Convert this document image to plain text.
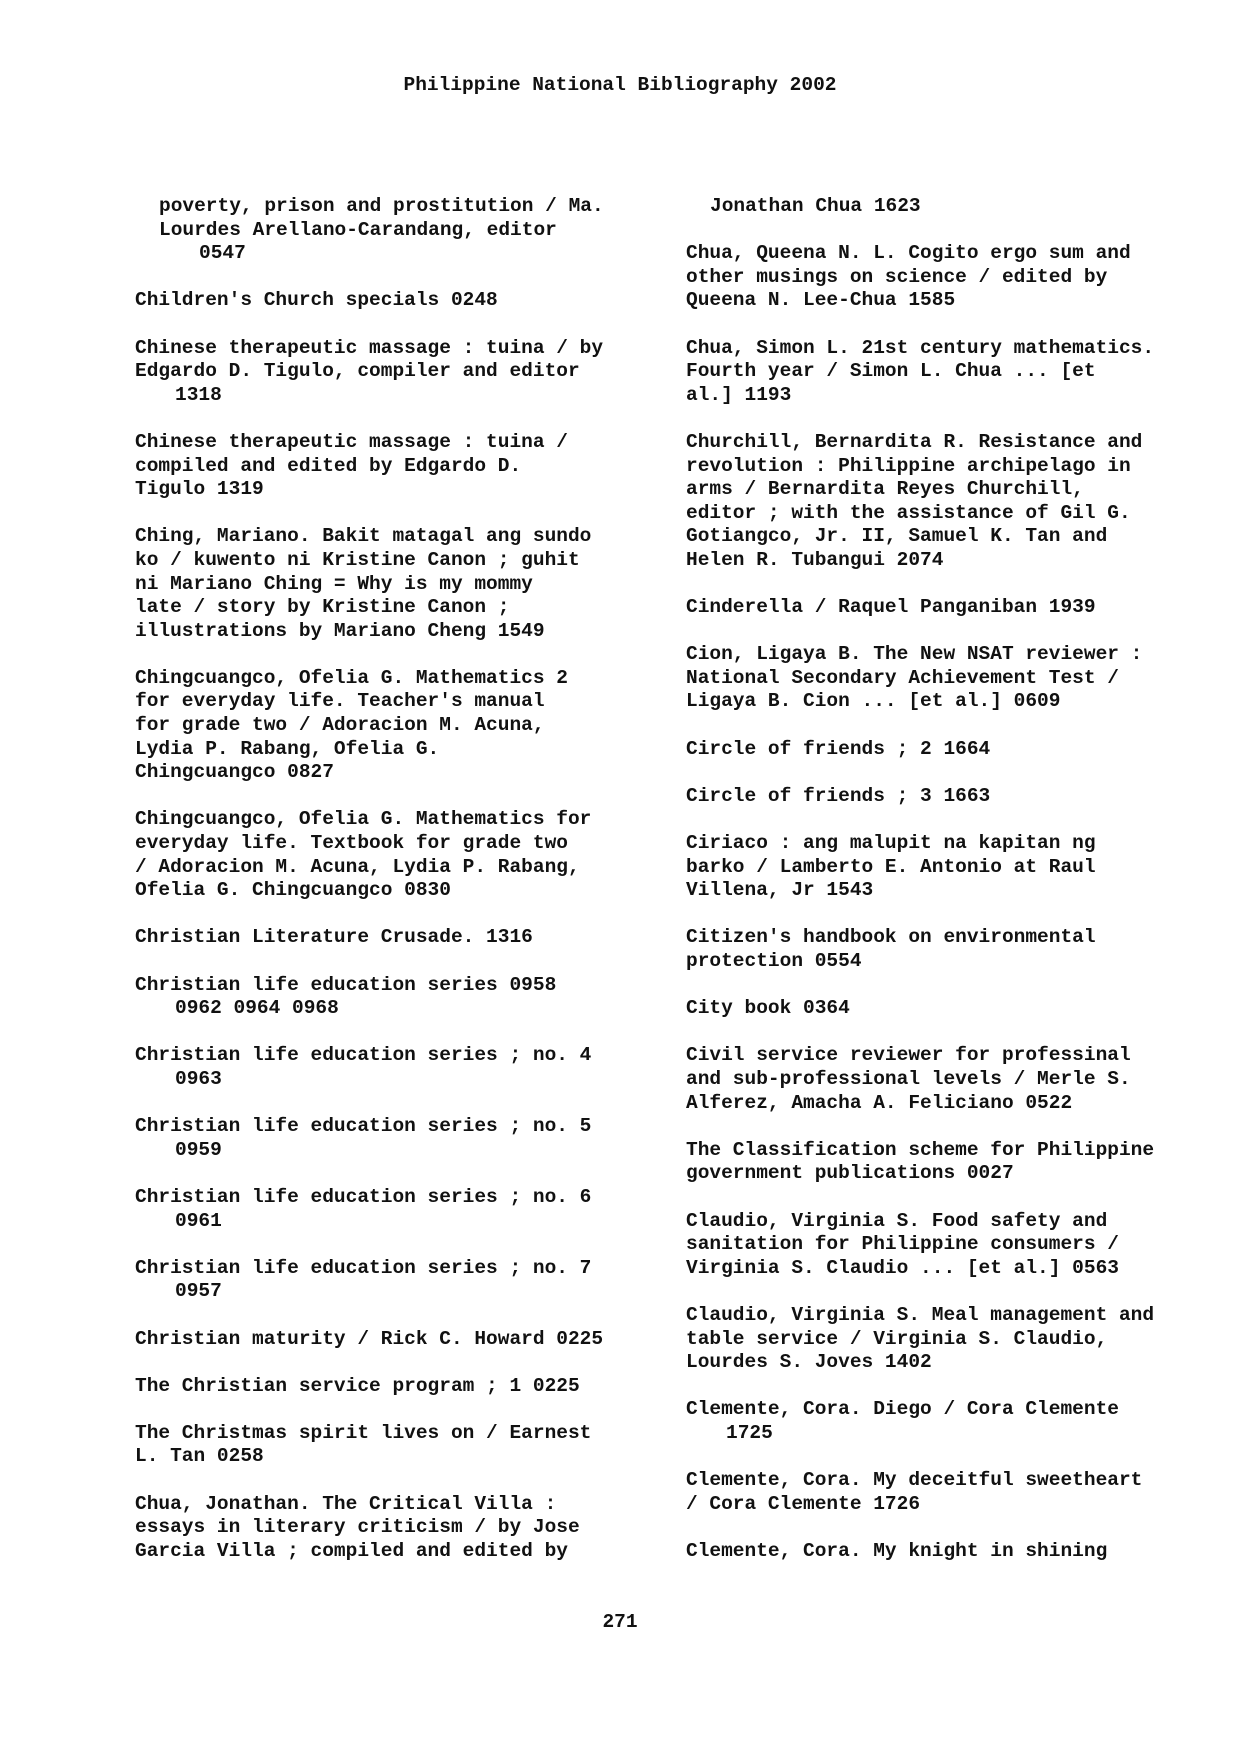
Philippine National Bibliography 2002
poverty, prison and prostitution / Ma.
Lourdes Arellano-Carandang, editor
0547
Children's Church specials 0248
Chinese therapeutic massage : tuina / by
Edgardo D. Tigulo, compiler and editor
1318
Chinese therapeutic massage : tuina /
compiled and edited by Edgardo D.
Tigulo 1319
Ching, Mariano. Bakit matagal ang sundo
ko / kuwento ni Kristine Canon ; guhit
ni Mariano Ching = Why is my mommy
late / story by Kristine Canon ;
illustrations by Mariano Cheng 1549
Chingcuangco, Ofelia G. Mathematics 2
for everyday life. Teacher's manual
for grade two / Adoracion M. Acuna,
Lydia P. Rabang, Ofelia G.
Chingcuangco 0827
Chingcuangco, Ofelia G. Mathematics for
everyday life. Textbook for grade two
/ Adoracion M. Acuna, Lydia P. Rabang,
Ofelia G. Chingcuangco 0830
Christian Literature Crusade. 1316
Christian life education series 0958
0962 0964 0968
Christian life education series ; no. 4
0963
Christian life education series ; no. 5
0959
Christian life education series ; no. 6
0961
Christian life education series ; no. 7
0957
Christian maturity / Rick C. Howard 0225
The Christian service program ; 1 0225
The Christmas spirit lives on / Earnest
L. Tan 0258
Chua, Jonathan. The Critical Villa :
essays in literary criticism / by Jose
Garcia Villa ; compiled and edited by
Jonathan Chua 1623
Chua, Queena N. L. Cogito ergo sum and
other musings on science / edited by
Queena N. Lee-Chua 1585
Chua, Simon L. 21st century mathematics.
Fourth year / Simon L. Chua ... [et
al.] 1193
Churchill, Bernardita R. Resistance and
revolution : Philippine archipelago in
arms / Bernardita Reyes Churchill,
editor ; with the assistance of Gil G.
Gotiangco, Jr. II, Samuel K. Tan and
Helen R. Tubangui 2074
Cinderella / Raquel Panganiban 1939
Cion, Ligaya B. The New NSAT reviewer :
National Secondary Achievement Test /
Ligaya B. Cion ... [et al.] 0609
Circle of friends ; 2 1664
Circle of friends ; 3 1663
Ciriaco : ang malupit na kapitan ng
barko / Lamberto E. Antonio at Raul
Villena, Jr 1543
Citizen's handbook on environmental
protection 0554
City book 0364
Civil service reviewer for professinal
and sub-professional levels / Merle S.
Alferez, Amacha A. Feliciano 0522
The Classification scheme for Philippine
government publications 0027
Claudio, Virginia S. Food safety and
sanitation for Philippine consumers /
Virginia S. Claudio ... [et al.] 0563
Claudio, Virginia S. Meal management and
table service / Virginia S. Claudio,
Lourdes S. Joves 1402
Clemente, Cora. Diego / Cora Clemente
1725
Clemente, Cora. My deceitful sweetheart
/ Cora Clemente 1726
Clemente, Cora. My knight in shining
271
